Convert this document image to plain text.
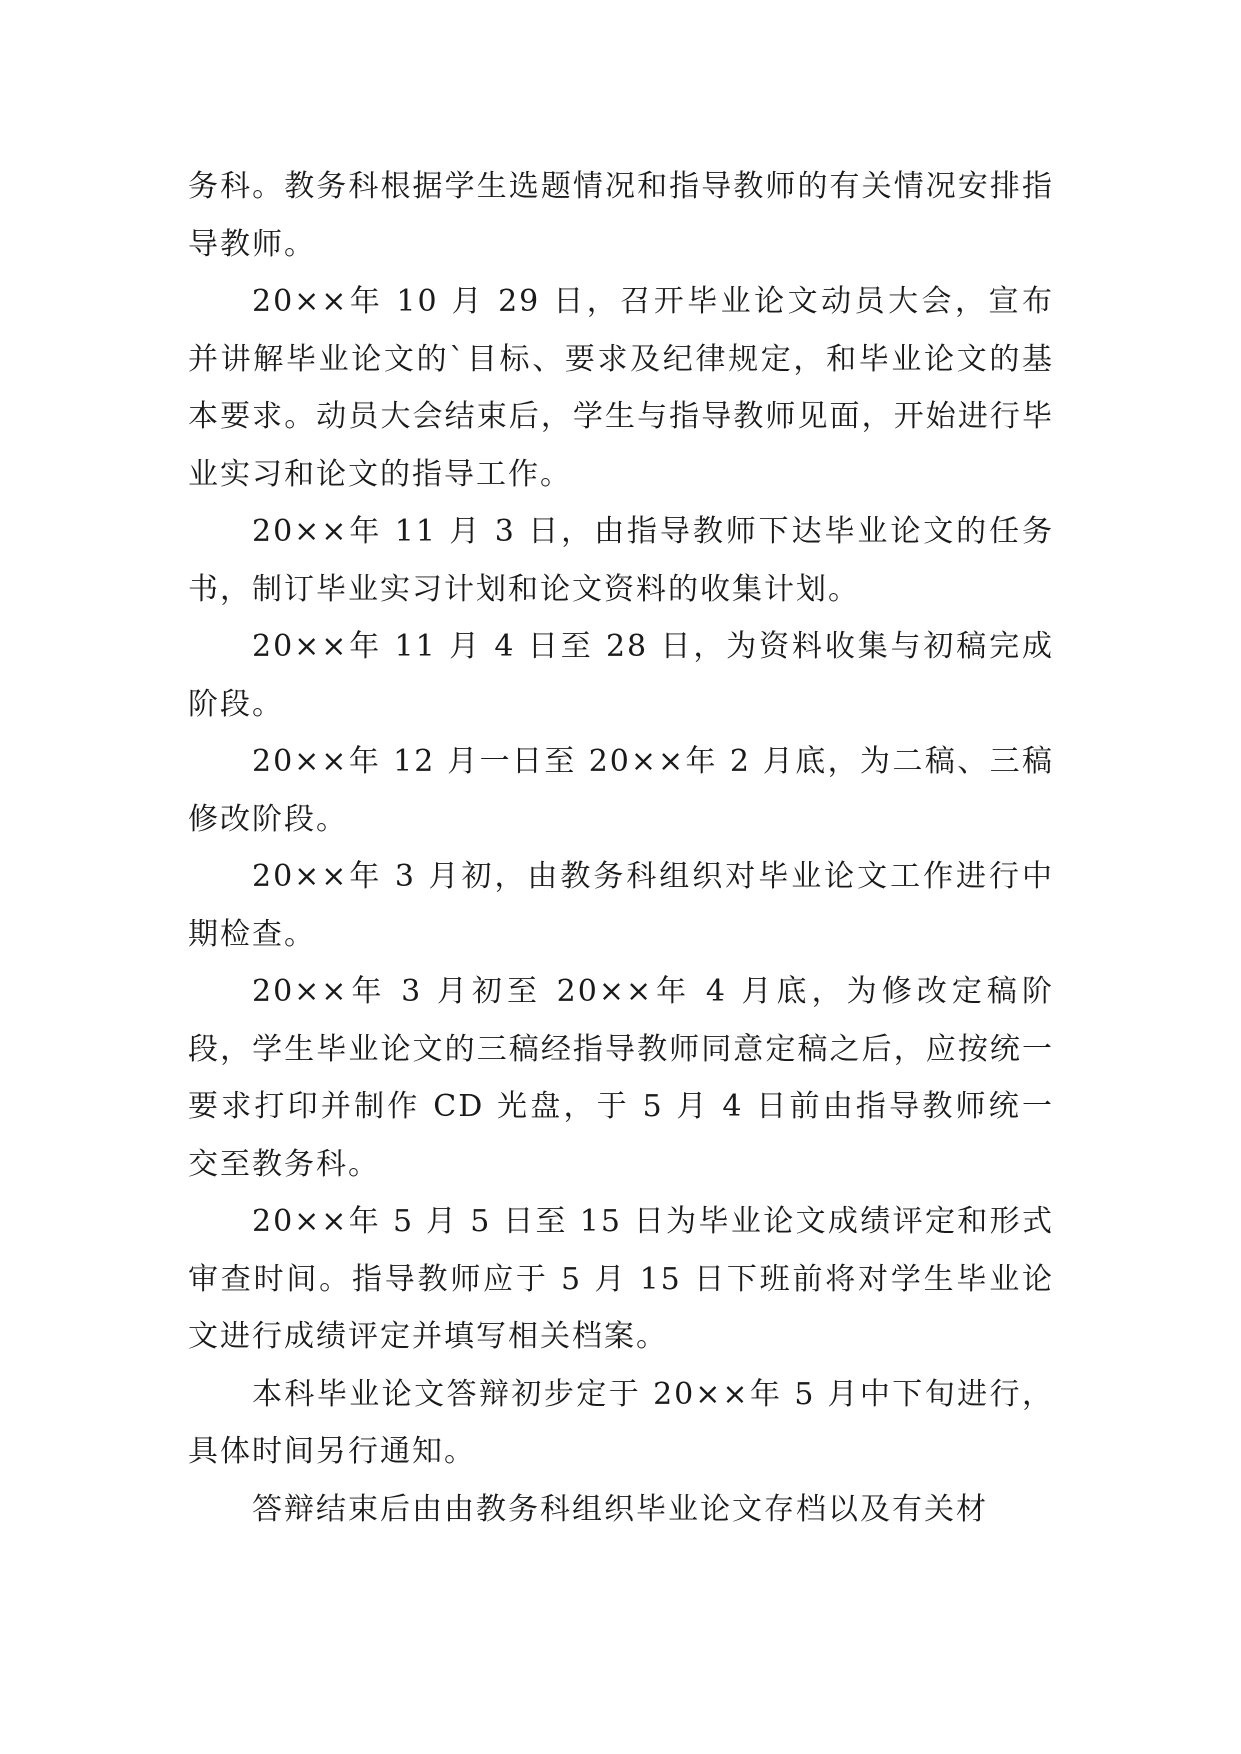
务科。教务科根据学生选题情况和指导教师的有关情况安排指导教师。

20××年 10 月 29 日，召开毕业论文动员大会，宣布并讲解毕业论文的`目标、要求及纪律规定，和毕业论文的基本要求。动员大会结束后，学生与指导教师见面，开始进行毕业实习和论文的指导工作。

20××年 11 月 3 日，由指导教师下达毕业论文的任务书，制订毕业实习计划和论文资料的收集计划。

20××年 11 月 4 日至 28 日，为资料收集与初稿完成阶段。

20××年 12 月一日至 20××年 2 月底，为二稿、三稿修改阶段。

20××年 3 月初，由教务科组织对毕业论文工作进行中期检查。

20××年 3 月初至 20××年 4 月底，为修改定稿阶段，学生毕业论文的三稿经指导教师同意定稿之后，应按统一要求打印并制作 CD 光盘，于 5 月 4 日前由指导教师统一交至教务科。

20××年 5 月 5 日至 15 日为毕业论文成绩评定和形式审查时间。指导教师应于 5 月 15 日下班前将对学生毕业论文进行成绩评定并填写相关档案。

本科毕业论文答辩初步定于 20××年 5 月中下旬进行，具体时间另行通知。

答辩结束后由由教务科组织毕业论文存档以及有关材
